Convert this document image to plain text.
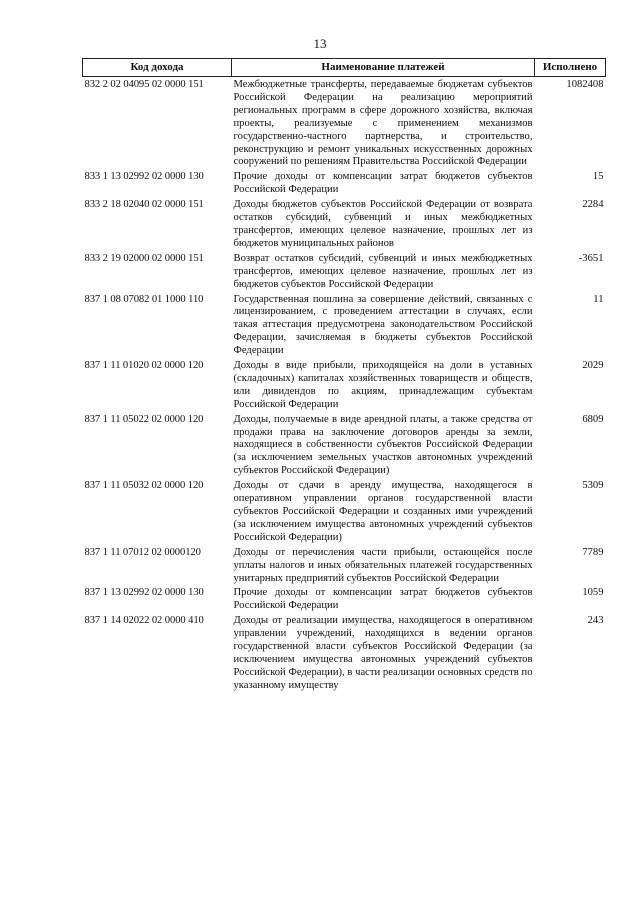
13
Код дохода	Наименование платежей	Исполнено
832 2 02 04095 02 0000 151	Межбюджетные трансферты, передаваемые бюджетам субъектов Российской Федерации на реализацию мероприятий региональных программ в сфере дорожного хозяйства, включая проекты, реализуемые с применением механизмов государственно-частного партнерства, и строительство, реконструкцию и ремонт уникальных искусственных дорожных сооружений по решениям Правительства Российской Федерации	1082408
833 1 13 02992 02 0000 130	Прочие доходы от компенсации затрат бюджетов субъектов Российской Федерации	15
833 2 18 02040 02 0000 151	Доходы бюджетов субъектов Российской Федерации от возврата остатков субсидий, субвенций и иных межбюджетных трансфертов, имеющих целевое назначение, прошлых лет из бюджетов муниципальных районов	2284
833 2 19 02000 02 0000 151	Возврат остатков субсидий, субвенций и иных межбюджетных трансфертов, имеющих целевое назначение, прошлых лет из бюджетов субъектов Российской Федерации	-3651
837 1 08 07082 01 1000 110	Государственная пошлина за совершение действий, связанных с лицензированием, с проведением аттестации в случаях, если такая аттестация предусмотрена законодательством Российской Федерации, зачисляемая в бюджеты субъектов Российской Федерации	11
837 1 11 01020 02 0000 120	Доходы в виде прибыли, приходящейся на доли в уставных (складочных) капиталах хозяйственных товариществ и обществ, или дивидендов по акциям, принадлежащим субъектам Российской Федерации	2029
837 1 11 05022 02 0000 120	Доходы, получаемые в виде арендной платы, а также средства от продажи права на заключение договоров аренды за земли, находящиеся в собственности субъектов Российской Федерации (за исключением земельных участков автономных учреждений субъектов Российской Федерации)	6809
837 1 11 05032 02 0000 120	Доходы от сдачи в аренду имущества, находящегося в оперативном управлении органов государственной власти субъектов Российской Федерации и созданных ими учреждений (за исключением имущества автономных учреждений субъектов Российской Федерации)	5309
837 1 11 07012 02 0000120	Доходы от перечисления части прибыли, остающейся после уплаты налогов и иных обязательных платежей государственных унитарных предприятий субъектов Российской Федерации	7789
837 1 13 02992 02 0000 130	Прочие доходы от компенсации затрат бюджетов субъектов Российской Федерации	1059
837 1 14 02022 02 0000 410	Доходы от реализации имущества, находящегося в оперативном управлении учреждений, находящихся в ведении органов государственной власти субъектов Российской Федерации (за исключением имущества автономных учреждений субъектов Российской Федерации), в части реализации основных средств по указанному имуществу	243
